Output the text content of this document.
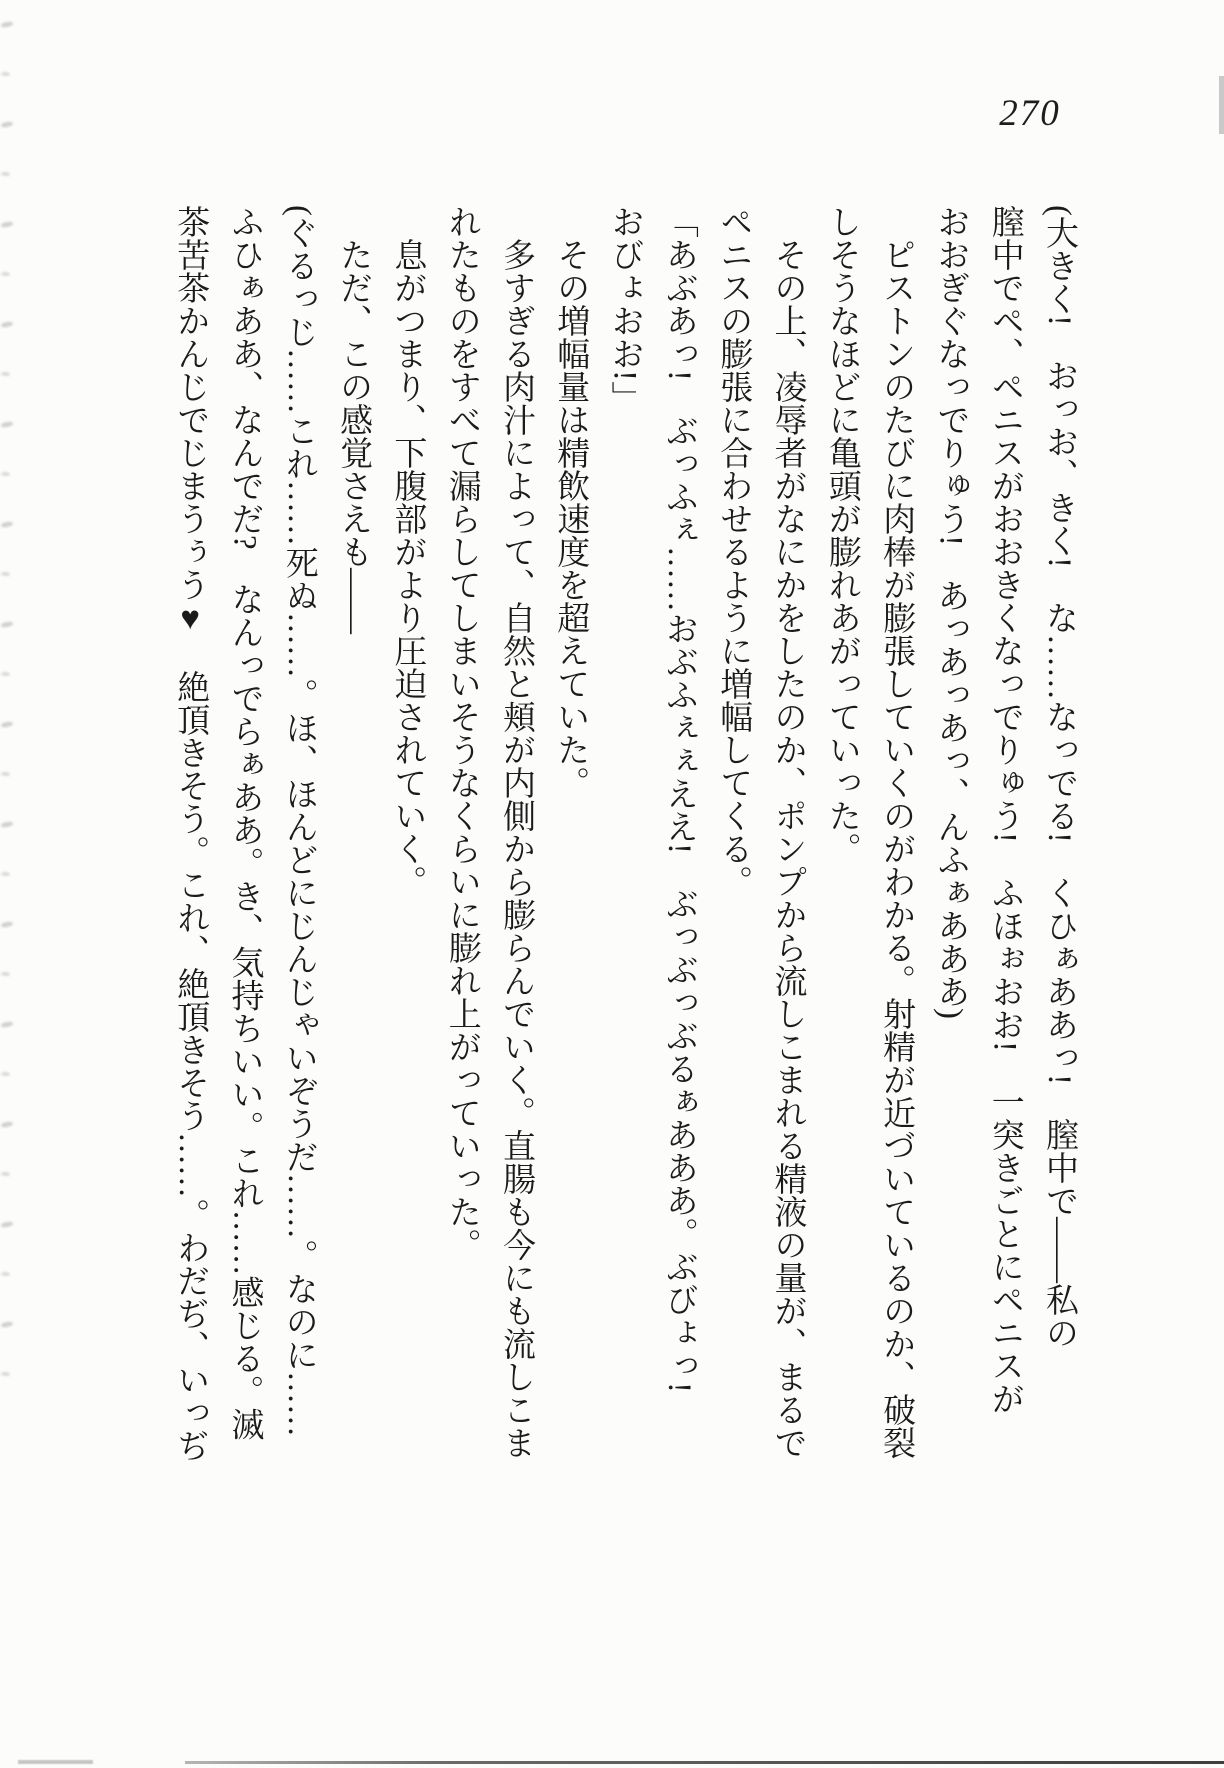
270
(大きく!　おっお、きく!　な……なっでる!　くひぁああっ!　膣中で――私の
膣中でペ、ペニスがおおきくなっでりゅう!　ふほぉおお!　一突きごとにペニスが
おおぎぐなっでりゅう!　あっあっあっ、んふぁあああ)
ピストンのたびに肉棒が膨張していくのがわかる。射精が近づいているのか、破裂
しそうなほどに亀頭が膨れあがっていった。
その上、凌辱者がなにかをしたのか、ポンプから流しこまれる精液の量が、まるで
ペニスの膨張に合わせるように増幅してくる。
「あぶあっ!　ぶっふぇ……おぶふぇぇええ!　ぶっぶっぶるぁあああ。ぶびょっ!
おびょおお!」
その増幅量は精飲速度を超えていた。
多すぎる肉汁によって、自然と頬が内側から膨らんでいく。直腸も今にも流しこま
れたものをすべて漏らしてしまいそうなくらいに膨れ上がっていった。
息がつまり、下腹部がより圧迫されていく。
ただ、この感覚さえも――
(ぐるっじ……これ……死ぬ……。ほ、ほんどにじんじゃいぞうだ……。なのに……
ふひぁああ、なんでだ?　なんっでらぁああ。き、気持ちいい。これ……感じる。滅
茶苦茶かんじでじまうぅう♥　絶頂きそう。これ、絶頂きそう……。わだぢ、いっぢ
